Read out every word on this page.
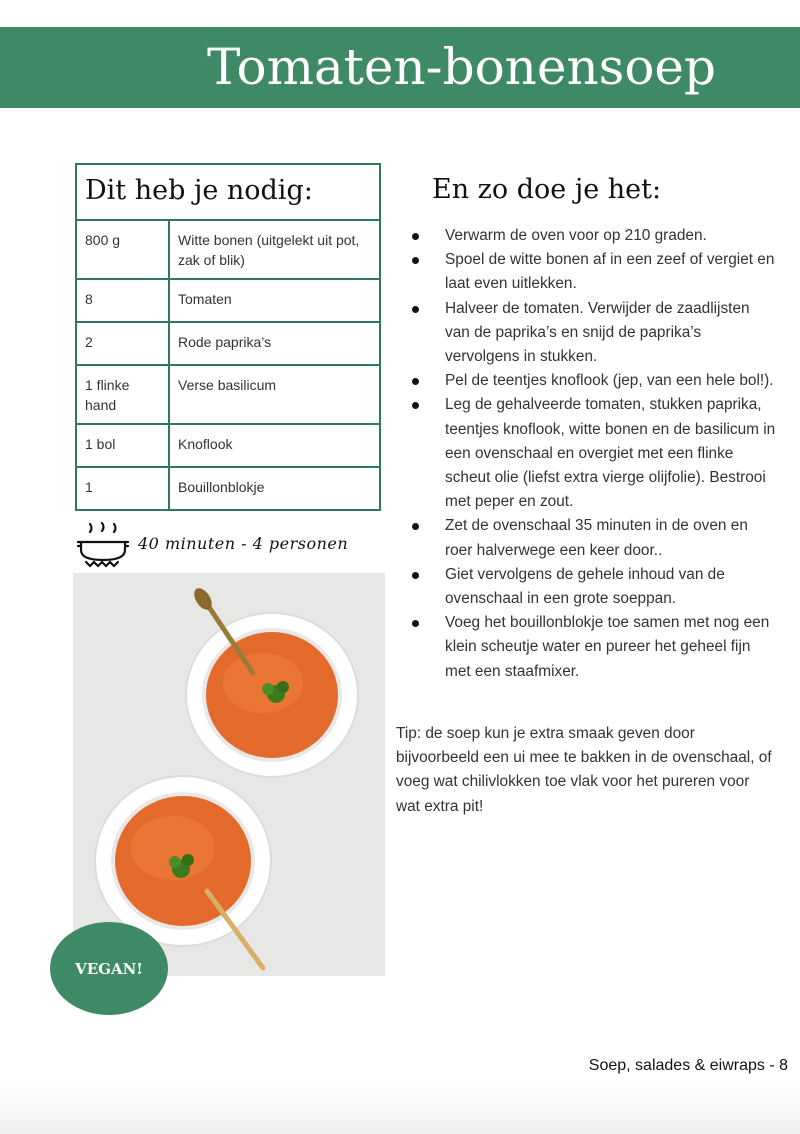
Tomaten-bonensoep
Dit heb je nodig:	
800 g	Witte bonen (uitgelekt uit pot, zak of blik)
8	Tomaten
2	Rode paprika’s
1 flinke hand	Verse basilicum
1 bol	Knoflook
1	Bouillonblokje
40 minuten - 4 personen
VEGAN!
En zo doe je het:
Verwarm de oven voor op 210 graden.
Spoel de witte bonen af in een zeef of vergiet en laat even uitlekken.
Halveer de tomaten. Verwijder de zaadlijsten van de paprika’s en snijd de paprika’s vervolgens in stukken.
Pel de teentjes knoflook (jep, van een hele bol!).
Leg de gehalveerde tomaten, stukken paprika, teentjes knoflook, witte bonen en de basilicum in een ovenschaal en overgiet met een flinke scheut olie (liefst extra vierge olijfolie). Bestrooi met peper en zout.
Zet de ovenschaal 35 minuten in de oven en roer halverwege een keer door..
Giet vervolgens de gehele inhoud van de ovenschaal in een grote soeppan.
Voeg het bouillonblokje toe samen met nog een klein scheutje water en pureer het geheel fijn met een staafmixer.

Tip: de soep kun je extra smaak geven door bijvoorbeeld een ui mee te bakken in de ovenschaal, of voeg wat chilivlokken toe vlak voor het pureren voor wat extra pit!

Soep, salades & eiwraps - 8
